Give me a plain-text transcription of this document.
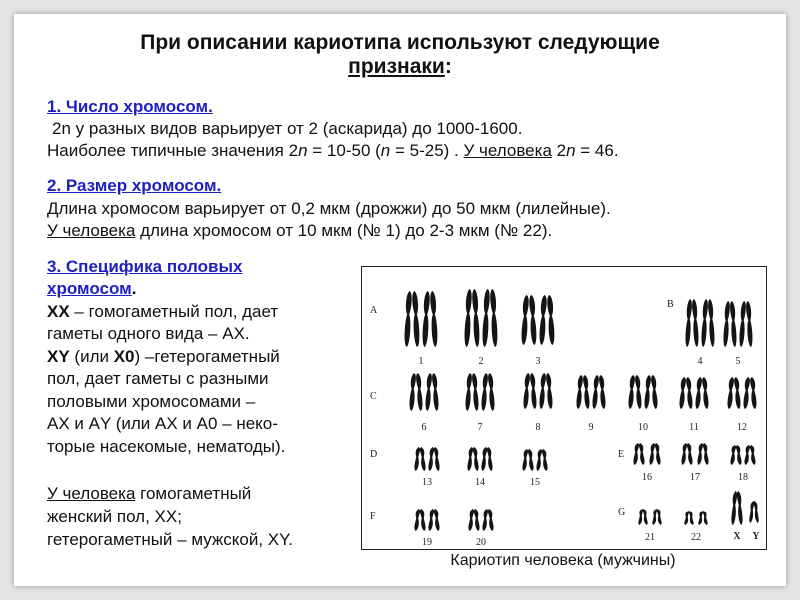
При описании кариотипа используют следующие
признаки:
1. Число хромосом.
2n у разных видов варьирует от 2 (аскарида) до 1000-1600.
Наиболее типичные значения 2n = 10-50 (n = 5-25) . У человека 2n = 46.
2. Размер хромосом.
Длина хромосом варьирует от 0,2 мкм (дрожжи) до 50 мкм (лилейные).
У человека длина хромосом от 10 мкм (№ 1) до 2-3 мкм (№ 22).
3. Специфика половых
хромосом.
ХХ – гомогаметный пол, дает
гаметы одного вида – АХ.
ХY (или Х0) –гетерогаметный
пол, дает гаметы с разными
половыми хромосомами –
АХ и АY (или АХ и А0 – неко-
торые насекомые, нематоды).
У человека гомогаметный
женский пол, ХХ;
гетерогаметный – мужской, XY.
A
1	2	3
B
4	5
C
6	7	8	9	10	11	12
D
13	14	15
E
16	17	18
F
19	20
G
21	22	X Y
Кариотип человека (мужчины)
